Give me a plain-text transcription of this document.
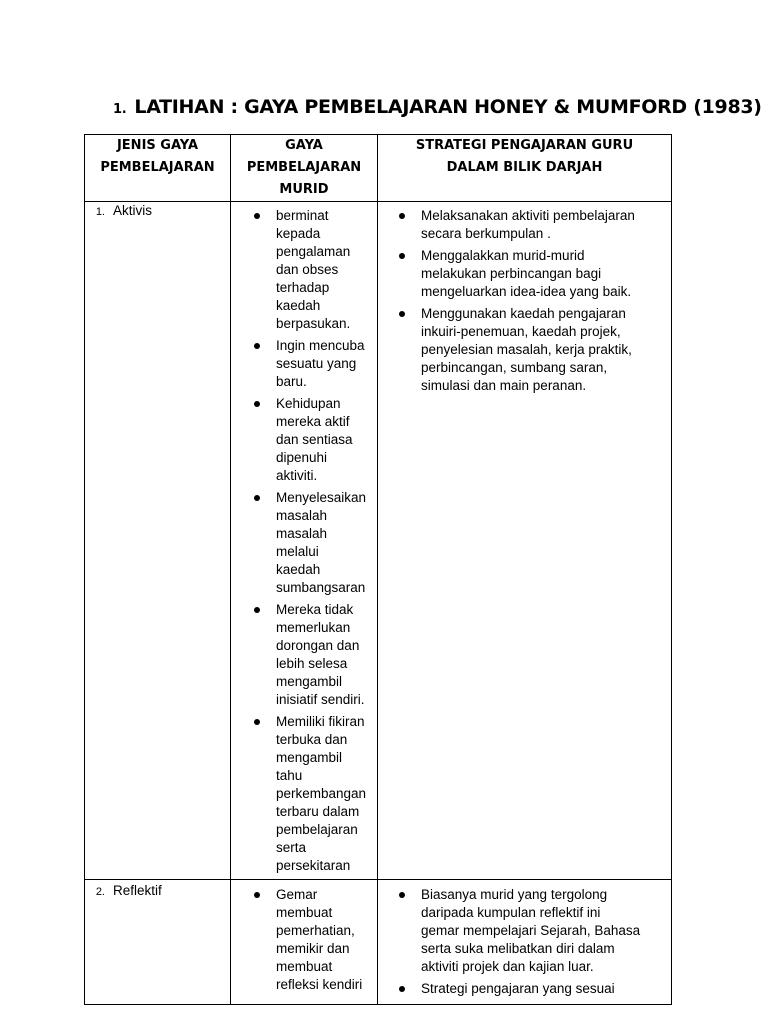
1. LATIHAN : GAYA PEMBELAJARAN HONEY & MUMFORD (1983)
JENIS GAYA
PEMBELAJARAN
GAYA
PEMBELAJARAN
MURID
STRATEGI PENGAJARAN GURU
DALAM BILIK DARJAH
1. Aktivis	berminat
kepada
pengalaman
dan obses
terhadap
kaedah
berpasukan.
Ingin mencuba
sesuatu yang
baru.
Kehidupan
mereka aktif
dan sentiasa
dipenuhi
aktiviti.
Menyelesaikan
masalah
masalah
melalui
kaedah
sumbangsaran
Mereka tidak
memerlukan
dorongan dan
lebih selesa
mengambil
inisiatif sendiri.
Memiliki fikiran
terbuka dan
mengambil
tahu
perkembangan
terbaru dalam
pembelajaran
serta
persekitaran
Melaksanakan aktiviti pembelajaran
secara berkumpulan .
Menggalakkan murid-murid
melakukan perbincangan bagi
mengeluarkan idea-idea yang baik.
Menggunakan kaedah pengajaran
inkuiri-penemuan, kaedah projek,
penyelesian masalah, kerja praktik,
perbincangan, sumbang saran,
simulasi dan main peranan.
2. Reflektif	Gemar
membuat
pemerhatian,
memikir dan
membuat
refleksi kendiri
Biasanya murid yang tergolong
daripada kumpulan reflektif ini
gemar mempelajari Sejarah, Bahasa
serta suka melibatkan diri dalam
aktiviti projek dan kajian luar.
Strategi pengajaran yang sesuai
